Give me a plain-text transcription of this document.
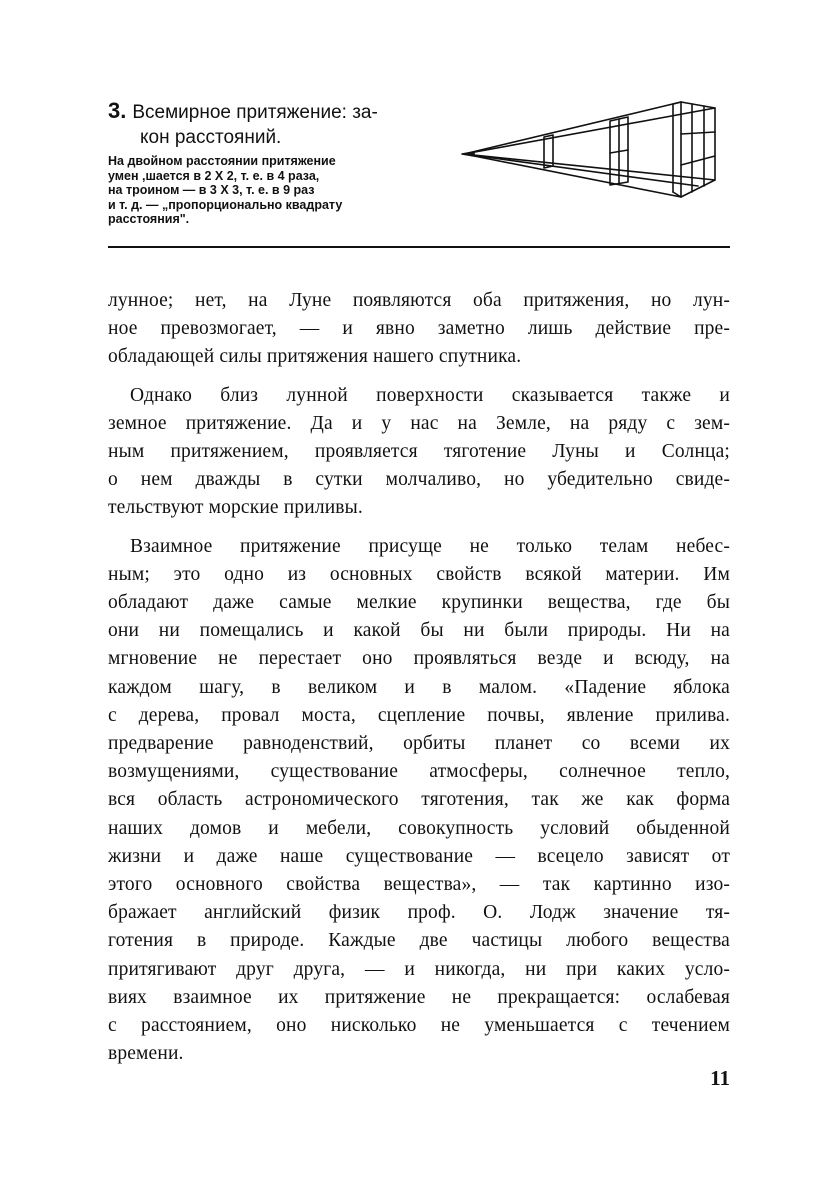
3. Всемирное притяжение: за-
кон расстояний.
На двойном расстоянии притяжение
умен ,шается в 2 X 2, т. е. в 4 раза,
на троином — в 3 X 3, т. е. в 9 раз
и т. д. — „пропорционально квадрату
расстояния".

лунное; нет, на Луне появляются оба притяжения, но лун-
ное превозмогает, — и явно заметно лишь действие пре-
обладающей силы притяжения нашего спутника.

Однако близ лунной поверхности сказывается также и
земное притяжение. Да и у нас на Земле, на ряду с зем-
ным притяжением, проявляется тяготение Луны и Солнца;
о нем дважды в сутки молчаливо, но убедительно свиде-
тельствуют морские приливы.

Взаимное притяжение присуще не только телам небес-
ным; это одно из основных свойств всякой материи. Им
обладают даже самые мелкие крупинки вещества, где бы
они ни помещались и какой бы ни были природы. Ни на
мгновение не перестает оно проявляться везде и всюду, на
каждом шагу, в великом и в малом. «Падение яблока
с дерева, провал моста, сцепление почвы, явление прилива.
предварение равноденствий, орбиты планет со всеми их
возмущениями, существование атмосферы, солнечное тепло,
вся область астрономического тяготения, так же как форма
наших домов и мебели, совокупность условий обыденной
жизни и даже наше существование — всецело зависят от
этого основного свойства вещества», — так картинно изо-
бражает английский физик проф. О. Лодж значение тя-
готения в природе. Каждые две частицы любого вещества
притягивают друг друга, — и никогда, ни при каких усло-
виях взаимное их притяжение не прекращается: ослабевая
с расстоянием, оно нисколько не уменьшается с течением
времени.

11
